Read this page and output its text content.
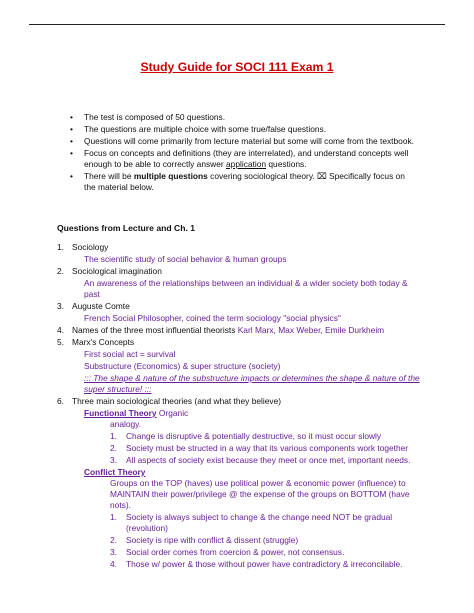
Study Guide for SOCI 111 Exam 1
• The test is composed of 50 questions.
• The questions are multiple choice with some true/false questions.
• Questions will come primarily from lecture material but some will come from the textbook.
• Focus on concepts and definitions (they are interrelated), and understand concepts well enough to be able to correctly answer application questions.
• There will be multiple questions covering sociological theory. ⌧ Specifically focus on the material below.
Questions from Lecture and Ch. 1
1. Sociology
The scientific study of social behavior & human groups
2. Sociological imagination
An awareness of the relationships between an individual & a wider society both today & past
3. Auguste Comte
French Social Philosopher, coined the term sociology "social physics"
4. Names of the three most influential theorists Karl Marx, Max Weber, Emile Durkheim
5. Marx's Concepts
First social act = survival
Substructure (Economics) & super structure (society)
::: The shape & nature of the substructure impacts or determines the shape & nature of the super structure! :::
6. Three main sociological theories (and what they believe)
Functional Theory Organic
analogy.
1. Change is disruptive & potentially destructive, so it must occur slowly
2. Society must be structed in a way that its various components work together
3. All aspects of society exist because they meet or once met, important needs.
Conflict Theory
Groups on the TOP (haves) use political power & economic power (influence) to MAINTAIN their power/privilege @ the expense of the groups on BOTTOM (have nots).
1. Society is always subject to change & the change need NOT be gradual (revolution)
2. Society is ripe with conflict & dissent (struggle)
3. Social order comes from coercion & power, not consensus.
4. Those w/ power & those without power have contradictory & irreconcilable.
